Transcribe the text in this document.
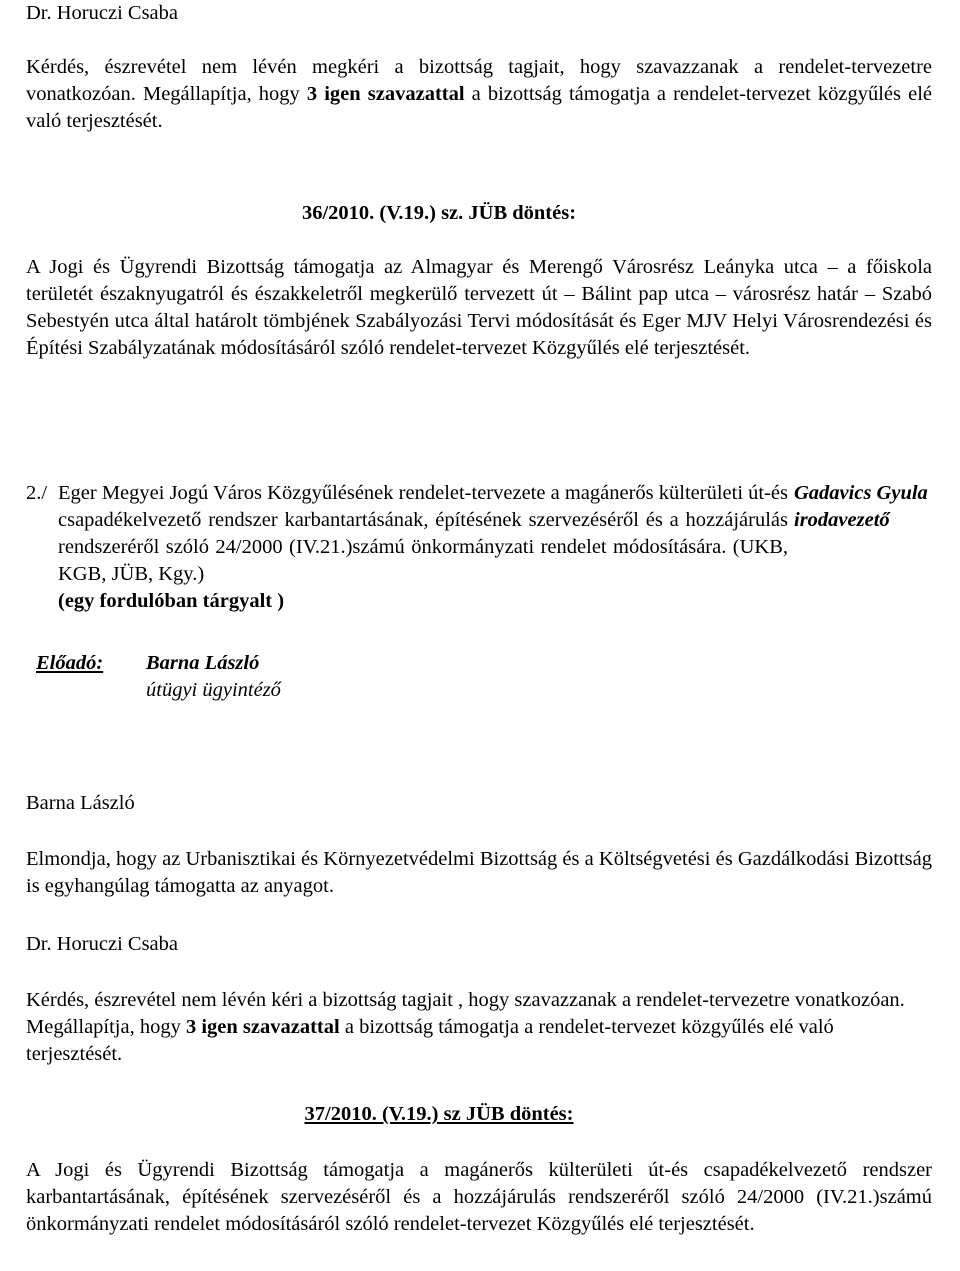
Dr. Horuczi Csaba

Kérdés, észrevétel nem lévén megkéri a bizottság tagjait, hogy szavazzanak a rendelet-tervezetre vonatkozóan. Megállapítja, hogy 3 igen szavazattal a bizottság támogatja a rendelet-tervezet közgyűlés elé való terjesztését.

36/2010. (V.19.) sz. JÜB döntés:

A Jogi és Ügyrendi Bizottság támogatja az Almagyar és Merengő Városrész Leányka utca – a főiskola területét északnyugatról és északkeletről megkerülő tervezett út – Bálint pap utca – városrész határ – Szabó Sebestyén utca által határolt tömbjének Szabályozási Tervi módosítását és Eger MJV Helyi Városrendezési és Építési Szabályzatának módosításáról szóló rendelet-tervezet Közgyűlés elé terjesztését.

2./ Eger Megyei Jogú Város Közgyűlésének rendelet-tervezete a magánerős külterületi út-és csapadékelvezető rendszer karbantartásának, építésének szervezéséről és a hozzájárulás rendszeréről szóló 24/2000 (IV.21.)számú önkormányzati rendelet módosítására. (UKB, KGB, JÜB, Kgy.)

(egy fordulóban tárgyalt )

Gadavics Gyula
irodavezető
Előadó: Barna László
útügyi ügyintéző

Barna László

Elmondja, hogy az Urbanisztikai és Környezetvédelmi Bizottság és a Költségvetési és Gazdálkodási Bizottság is egyhangúlag támogatta az anyagot.

Dr. Horuczi Csaba

Kérdés, észrevétel nem lévén kéri a bizottság tagjait , hogy szavazzanak a rendelet-tervezetre vonatkozóan. Megállapítja, hogy 3 igen szavazattal a bizottság támogatja a rendelet-tervezet közgyűlés elé való terjesztését.

37/2010. (V.19.) sz JÜB döntés:

A Jogi és Ügyrendi Bizottság támogatja a magánerős külterületi út-és csapadékelvezető rendszer karbantartásának, építésének szervezéséről és a hozzájárulás rendszeréről szóló 24/2000 (IV.21.)számú önkormányzati rendelet módosításáról szóló rendelet-tervezet Közgyűlés elé terjesztését.
